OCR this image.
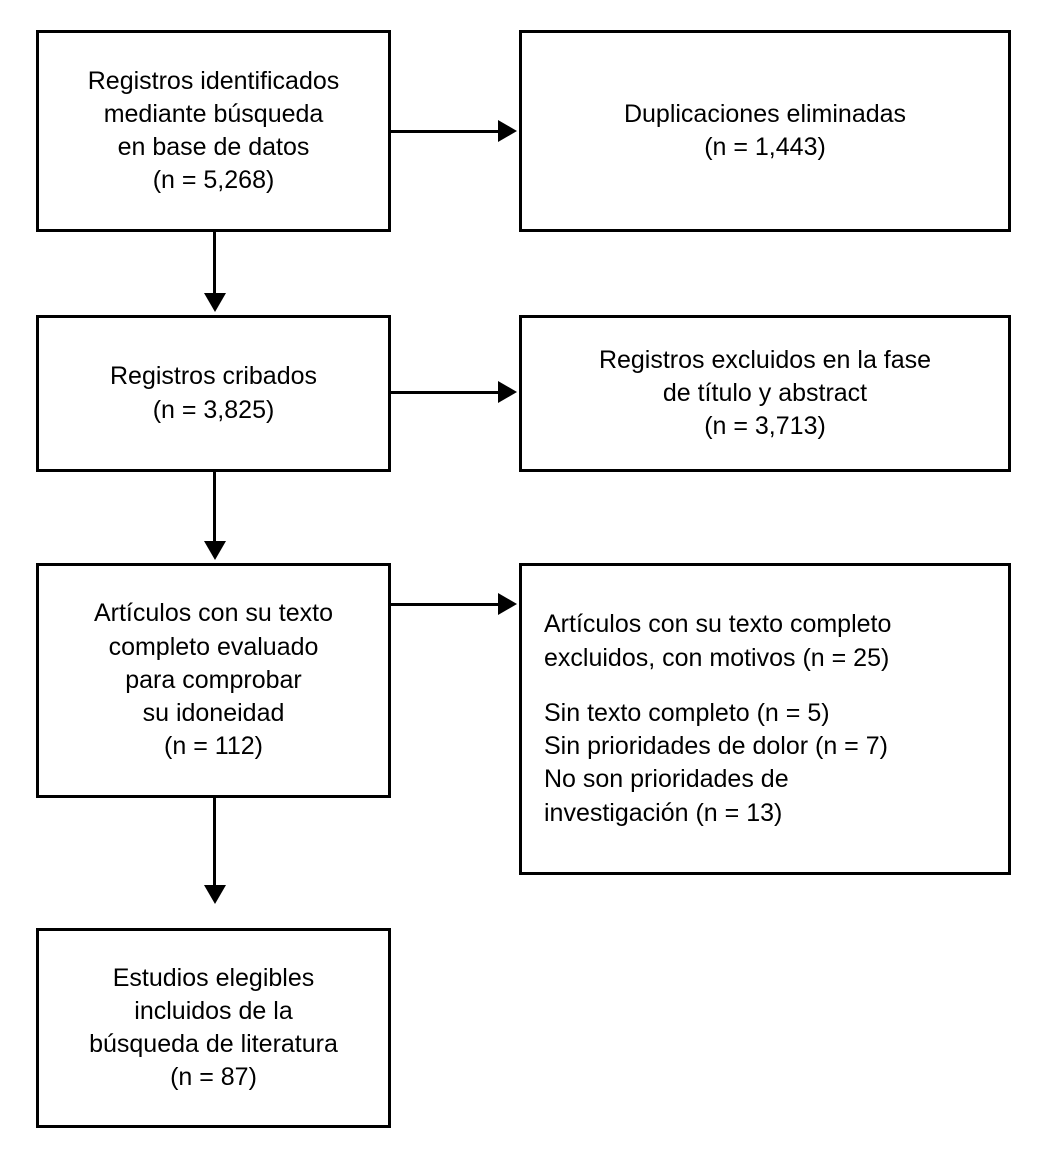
Registros identificados
mediante búsqueda
en base de datos
(n = 5,268)
Duplicaciones eliminadas
(n = 1,443)
Registros cribados
(n = 3,825)
Registros excluidos en la fase
de título y abstract
(n = 3,713)
Artículos con su texto
completo evaluado
para comprobar
su idoneidad
(n = 112)
Artículos con su texto completo
excluidos, con motivos (n = 25)
Sin texto completo (n = 5)
Sin prioridades de dolor (n = 7)
No son prioridades de
investigación (n = 13)
Estudios elegibles
incluidos de la
búsqueda de literatura
(n = 87)
